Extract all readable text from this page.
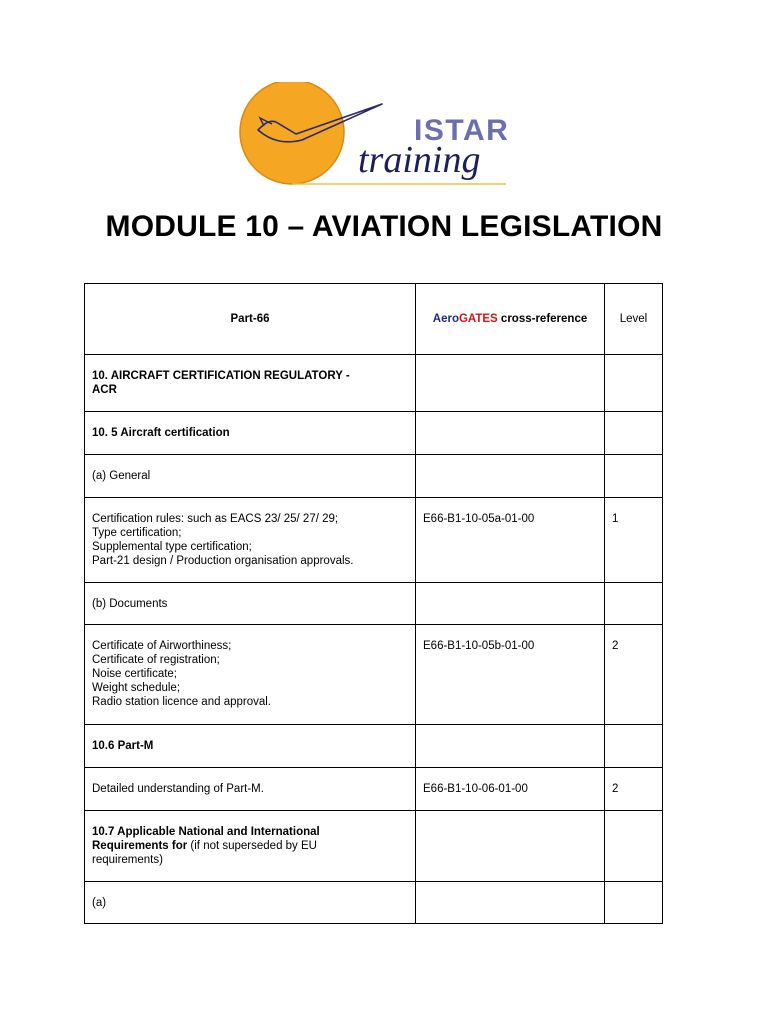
ISTAR
training
MODULE 10 – AVIATION LEGISLATION
Part-66	AeroGATES cross-reference	Level

10. AIRCRAFT CERTIFICATION REGULATORY -
ACR		

10. 5 Aircraft certification		

(a) General		

Certification rules: such as EACS 23/ 25/ 27/ 29;
Type certification;
Supplemental type certification;
Part-21 design / Production organisation approvals.	E66-B1-10-05a-01-00	1

(b) Documents		

Certificate of Airworthiness;
Certificate of registration;
Noise certificate;
Weight schedule;
Radio station licence and approval.	E66-B1-10-05b-01-00	2

10.6 Part-M		

Detailed understanding of Part-M.	E66-B1-10-06-01-00	2

10.7 Applicable National and International
Requirements for (if not superseded by EU
requirements)		

(a)		
